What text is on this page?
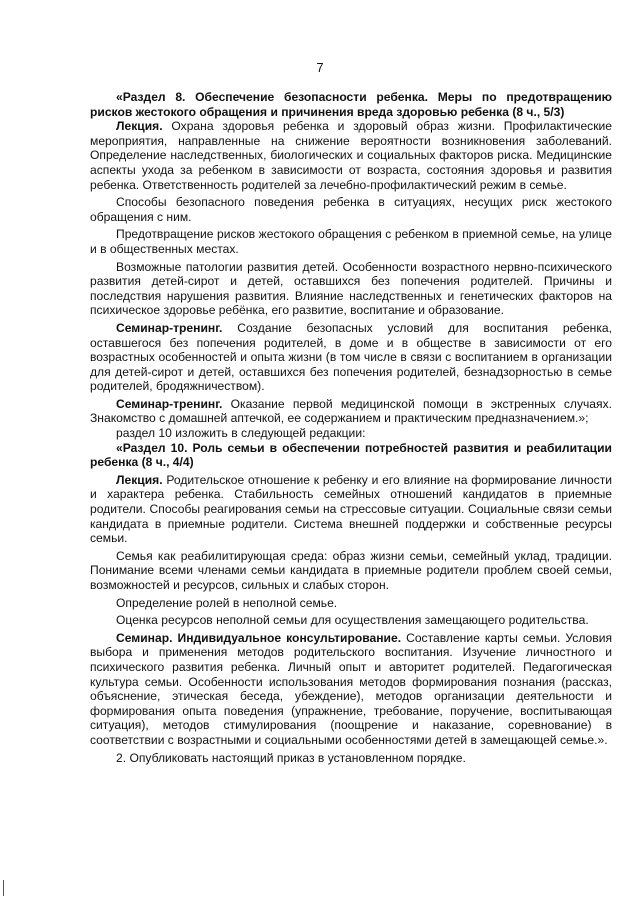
7

«Раздел 8. Обеспечение безопасности ребенка. Меры по предотвращению рисков жестокого обращения и причинения вреда здоровью ребенка (8 ч., 5/3)

Лекция. Охрана здоровья ребенка и здоровый образ жизни. Профилактические мероприятия, направленные на снижение вероятности возникновения заболеваний. Определение наследственных, биологических и социальных факторов риска. Медицинские аспекты ухода за ребенком в зависимости от возраста, состояния здоровья и развития ребенка. Ответственность родителей за лечебно-профилактический режим в семье.

Способы безопасного поведения ребенка в ситуациях, несущих риск жестокого обращения с ним.

Предотвращение рисков жестокого обращения с ребенком в приемной семье, на улице и в общественных местах.

Возможные патологии развития детей. Особенности возрастного нервно-психического развития детей-сирот и детей, оставшихся без попечения родителей. Причины и последствия нарушения развития. Влияние наследственных и генетических факторов на психическое здоровье ребёнка, его развитие, воспитание и образование.

Семинар-тренинг. Создание безопасных условий для воспитания ребенка, оставшегося без попечения родителей, в доме и в обществе в зависимости от его возрастных особенностей и опыта жизни (в том числе в связи с воспитанием в организации для детей-сирот и детей, оставшихся без попечения родителей, безнадзорностью в семье родителей, бродяжничеством).

Семинар-тренинг. Оказание первой медицинской помощи в экстренных случаях. Знакомство с домашней аптечкой, ее содержанием и практическим предназначением.»;

раздел 10 изложить в следующей редакции:

«Раздел 10. Роль семьи в обеспечении потребностей развития и реабилитации ребенка (8 ч., 4/4)

Лекция. Родительское отношение к ребенку и его влияние на формирование личности и характера ребенка. Стабильность семейных отношений кандидатов в приемные родители. Способы реагирования семьи на стрессовые ситуации. Социальные связи семьи кандидата в приемные родители. Система внешней поддержки и собственные ресурсы семьи.

Семья как реабилитирующая среда: образ жизни семьи, семейный уклад, традиции. Понимание всеми членами семьи кандидата в приемные родители проблем своей семьи, возможностей и ресурсов, сильных и слабых сторон.

Определение ролей в неполной семье.

Оценка ресурсов неполной семьи для осуществления замещающего родительства.

Семинар. Индивидуальное консультирование. Составление карты семьи. Условия выбора и применения методов родительского воспитания. Изучение личностного и психического развития ребенка. Личный опыт и авторитет родителей. Педагогическая культура семьи. Особенности использования методов формирования познания (рассказ, объяснение, этическая беседа, убеждение), методов организации деятельности и формирования опыта поведения (упражнение, требование, поручение, воспитывающая ситуация), методов стимулирования (поощрение и наказание, соревнование) в соответствии с возрастными и социальными особенностями детей в замещающей семье.».

2. Опубликовать настоящий приказ в установленном порядке.
